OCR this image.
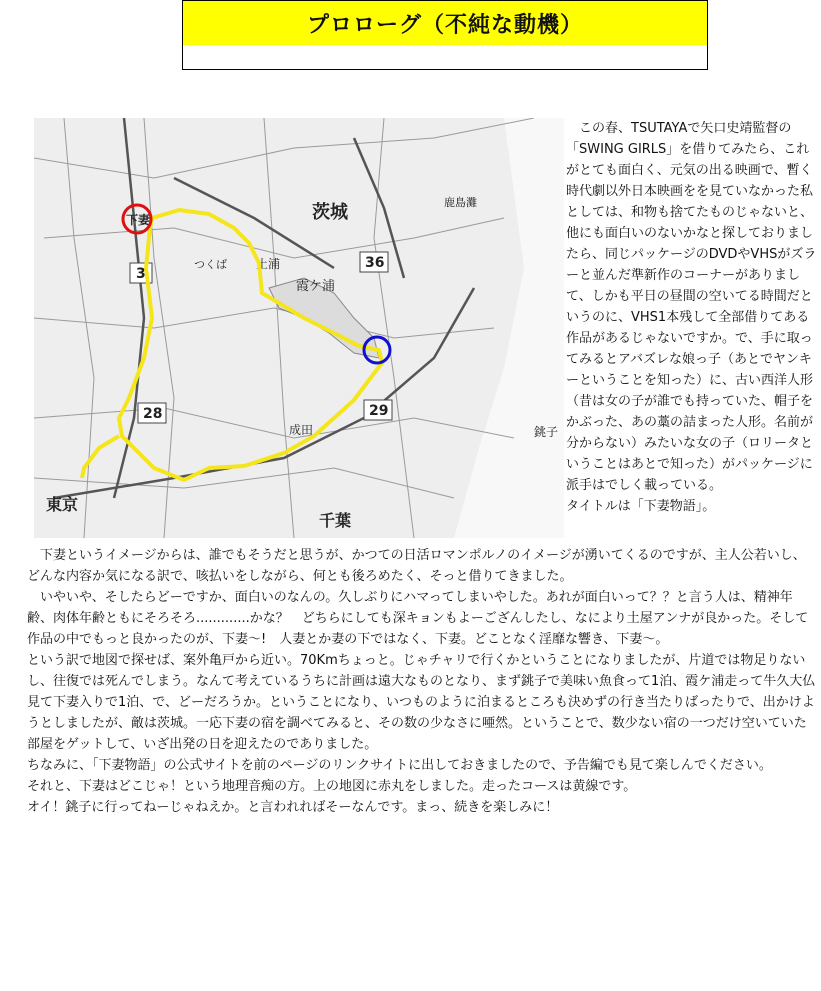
プロローグ（不純な動機）
36
29
28
3
茨城
霞ケ浦
東京
千葉
土浦
成田	銚子
つくば
鹿島灘
下妻

この春、TSUTAYAで矢口史靖監督の「SWING GIRLS」を借りてみたら、これがとても面白く、元気の出る映画で、暫く時代劇以外日本映画をを見ていなかった私としては、和物も捨てたものじゃないと、他にも面白いのないかなと探しておりましたら、同じパッケージのDVDやVHSがズラーと並んだ準新作のコーナーがありまして、しかも平日の昼間の空いてる時間だというのに、VHS1本残して全部借りてある作品があるじゃないですか。で、手に取ってみるとアバズレな娘っ子（あとでヤンキーということを知った）に、古い西洋人形（昔は女の子が誰でも持っていた、帽子をかぶった、あの藁の詰まった人形。名前が分からない）みたいな女の子（ロリータということはあとで知った）がパッケージに派手はでしく載っている。

タイトルは「下妻物語」。

下妻というイメージからは、誰でもそうだと思うが、かつての日活ロマンポルノのイメージが湧いてくるのですが、主人公若いし、どんな内容か気になる訳で、咳払いをしながら、何とも後ろめたく、そっと借りてきました。

いやいや、そしたらどーですか、面白いのなんの。久しぶりにハマってしまいやした。あれが面白いって？？と言う人は、精神年齢、肉体年齢ともにそろそろ.............かな？　どちらにしても深キョンもよーござんしたし、なにより土屋アンナが良かった。そして作品の中でもっと良かったのが、下妻〜!　人妻とか妻の下ではなく、下妻。どことなく淫靡な響き、下妻〜。

という訳で地図で探せば、案外亀戸から近い。70Kmちょっと。じゃチャリで行くかということになりましたが、片道では物足りないし、往復では死んでしまう。なんて考えているうちに計画は遠大なものとなり、まず銚子で美味い魚食って1泊、霞ケ浦走って牛久大仏見て下妻入りで1泊、で、どーだろうか。ということになり、いつものように泊まるところも決めずの行き当たりばったりで、出かけようとしましたが、敵は茨城。一応下妻の宿を調べてみると、その数の少なさに唖然。ということで、数少ない宿の一つだけ空いていた部屋をゲットして、いざ出発の日を迎えたのでありました。

ちなみに、「下妻物語」の公式サイトを前のページのリンクサイトに出しておきましたので、予告編でも見て楽しんでください。

それと、下妻はどこじゃ！という地理音痴の方。上の地図に赤丸をしました。走ったコースは黄線です。

オイ！銚子に行ってねーじゃねえか。と言われればそーなんです。まっ、続きを楽しみに！
